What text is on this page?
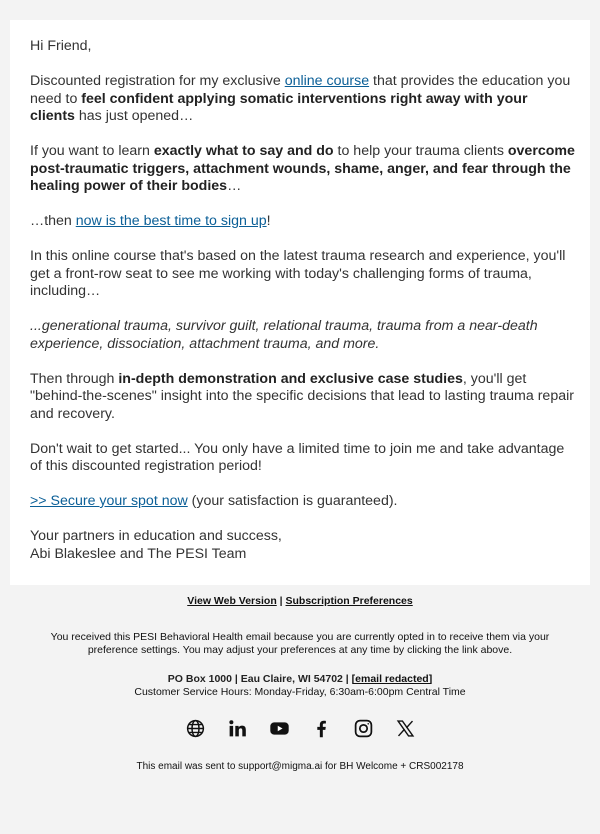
Hi Friend,

Discounted registration for my exclusive online course that provides the education you need to feel confident applying somatic interventions right away with your clients has just opened…

If you want to learn exactly what to say and do to help your trauma clients overcome post-traumatic triggers, attachment wounds, shame, anger, and fear through the healing power of their bodies…

…then now is the best time to sign up!

In this online course that's based on the latest trauma research and experience, you'll get a front-row seat to see me working with today's challenging forms of trauma, including…

...generational trauma, survivor guilt, relational trauma, trauma from a near-death experience, dissociation, attachment trauma, and more.

Then through in-depth demonstration and exclusive case studies, you'll get "behind-the-scenes" insight into the specific decisions that lead to lasting trauma repair and recovery.

Don't wait to get started... You only have a limited time to join me and take advantage of this discounted registration period!

>> Secure your spot now (your satisfaction is guaranteed).

Your partners in education and success,

Abi Blakeslee and The PESI Team

View Web Version | Subscription Preferences
You received this PESI Behavioral Health email because you are currently opted in to receive them via your preference settings. You may adjust your preferences at any time by clicking the link above.
PO Box 1000 | Eau Claire, WI 54702 | [email redacted]
Customer Service Hours: Monday-Friday, 6:30am-6:00pm Central Time
This email was sent to support@migma.ai for BH Welcome + CRS002178
